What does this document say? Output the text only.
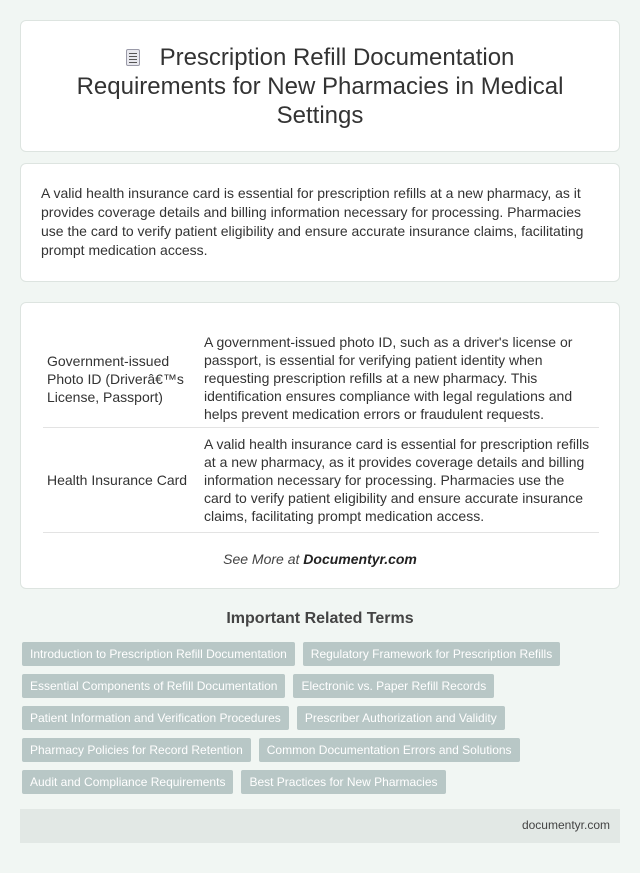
Prescription Refill Documentation Requirements for New Pharmacies in Medical Settings

A valid health insurance card is essential for prescription refills at a new pharmacy, as it provides coverage details and billing information necessary for processing. Pharmacies use the card to verify patient eligibility and ensure accurate insurance claims, facilitating prompt medication access.

Government-issued Photo ID (Driverâ€™s License, Passport)	A government-issued photo ID, such as a driver's license or passport, is essential for verifying patient identity when requesting prescription refills at a new pharmacy. This identification ensures compliance with legal regulations and helps prevent medication errors or fraudulent requests.
Health Insurance Card	A valid health insurance card is essential for prescription refills at a new pharmacy, as it provides coverage details and billing information necessary for processing. Pharmacies use the card to verify patient eligibility and ensure accurate insurance claims, facilitating prompt medication access.
See More at Documentyr.com
Important Related Terms
Introduction to Prescription Refill Documentation	Regulatory Framework for Prescription Refills
Essential Components of Refill Documentation	Electronic vs. Paper Refill Records
Patient Information and Verification Procedures	Prescriber Authorization and Validity
Pharmacy Policies for Record Retention	Common Documentation Errors and Solutions
Audit and Compliance Requirements	Best Practices for New Pharmacies
documentyr.com
